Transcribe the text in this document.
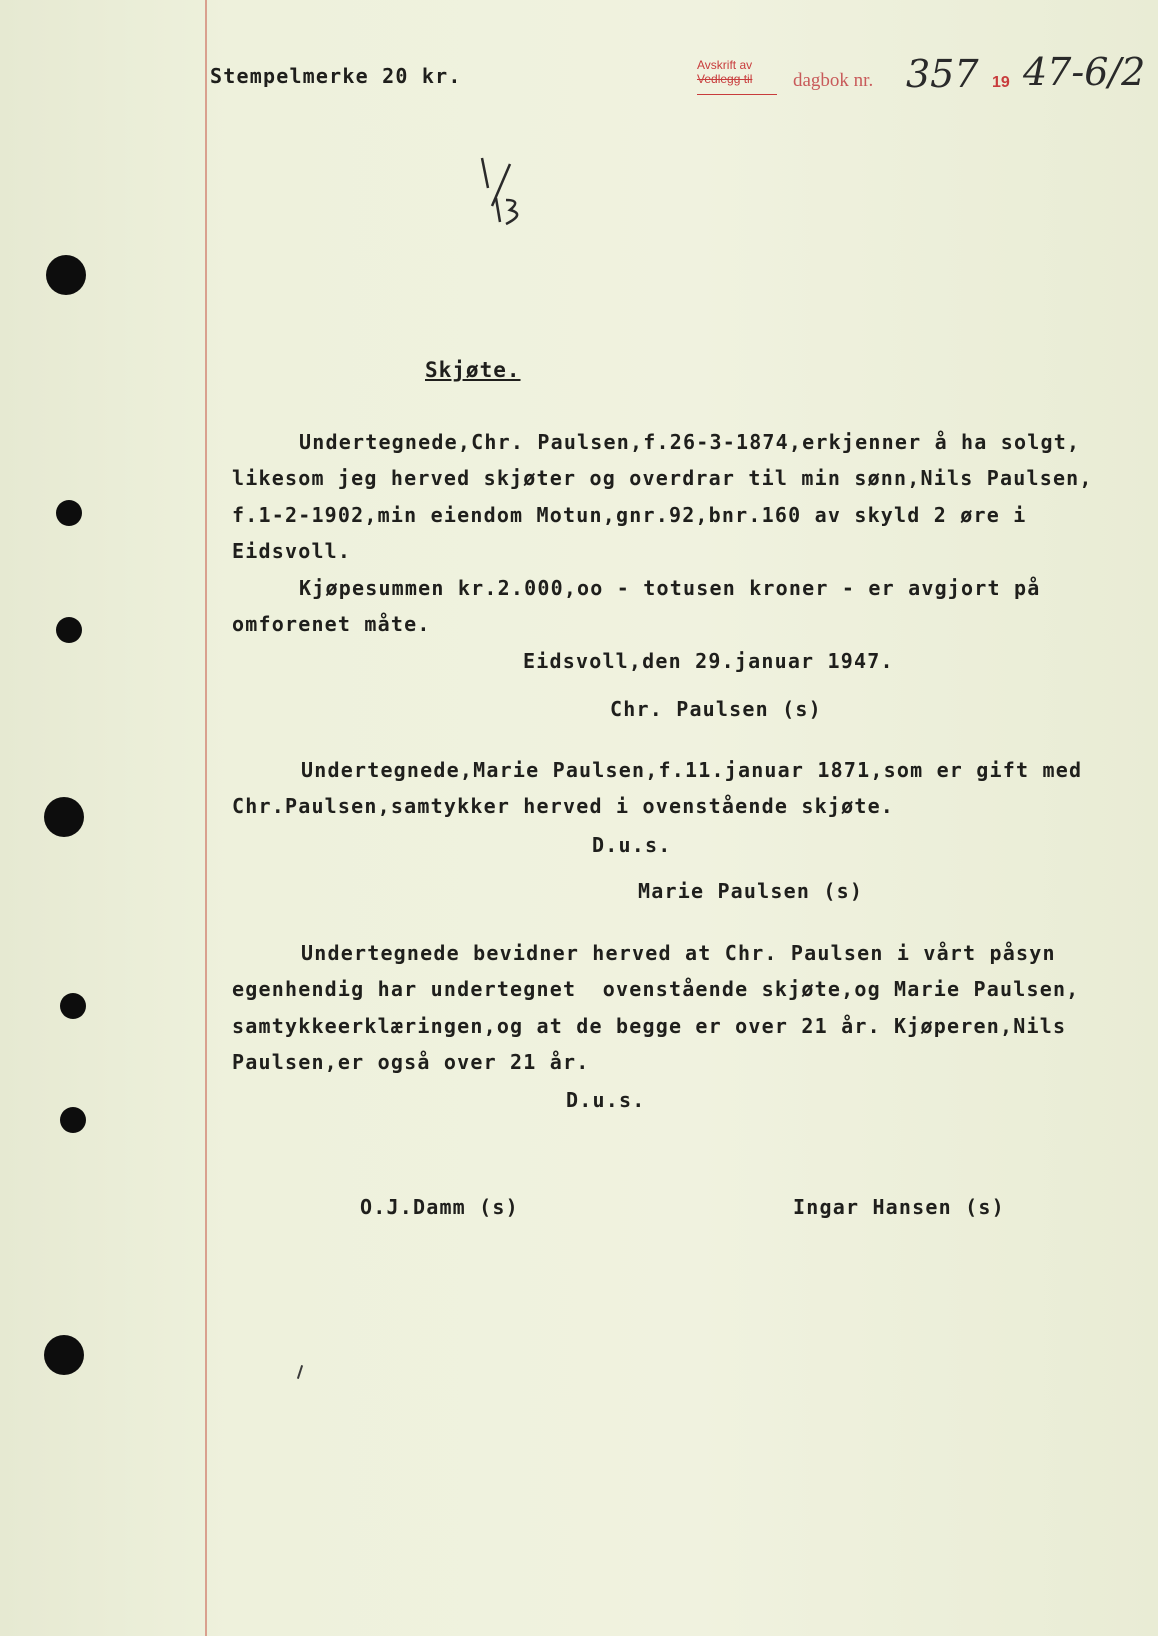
Stempelmerke 20 kr.	Avskrift av
Vedlegg til dagbok nr. 357 19 47-6/2
Skjøte.
Undertegnede,Chr. Paulsen,f.26-3-1874,erkjenner å ha solgt,
likesom jeg herved skjøter og overdrar til min sønn,Nils Paulsen,
f.1-2-1902,min eiendom Motun,gnr.92,bnr.160 av skyld 2 øre i
Eidsvoll.
Kjøpesummen kr.2.000,oo - totusen kroner - er avgjort på
omforenet måte.
Eidsvoll,den 29.januar 1947.
Chr. Paulsen (s)
Undertegnede,Marie Paulsen,f.11.januar 1871,som er gift med
Chr.Paulsen,samtykker herved i ovenstående skjøte.
D.u.s.
Marie Paulsen (s)
Undertegnede bevidner herved at Chr. Paulsen i vårt påsyn
egenhendig har undertegnet  ovenstående skjøte,og Marie Paulsen,
samtykkeerklæringen,og at de begge er over 21 år. Kjøperen,Nils
Paulsen,er også over 21 år.
D.u.s.
O.J.Damm (s)	Ingar Hansen (s)
